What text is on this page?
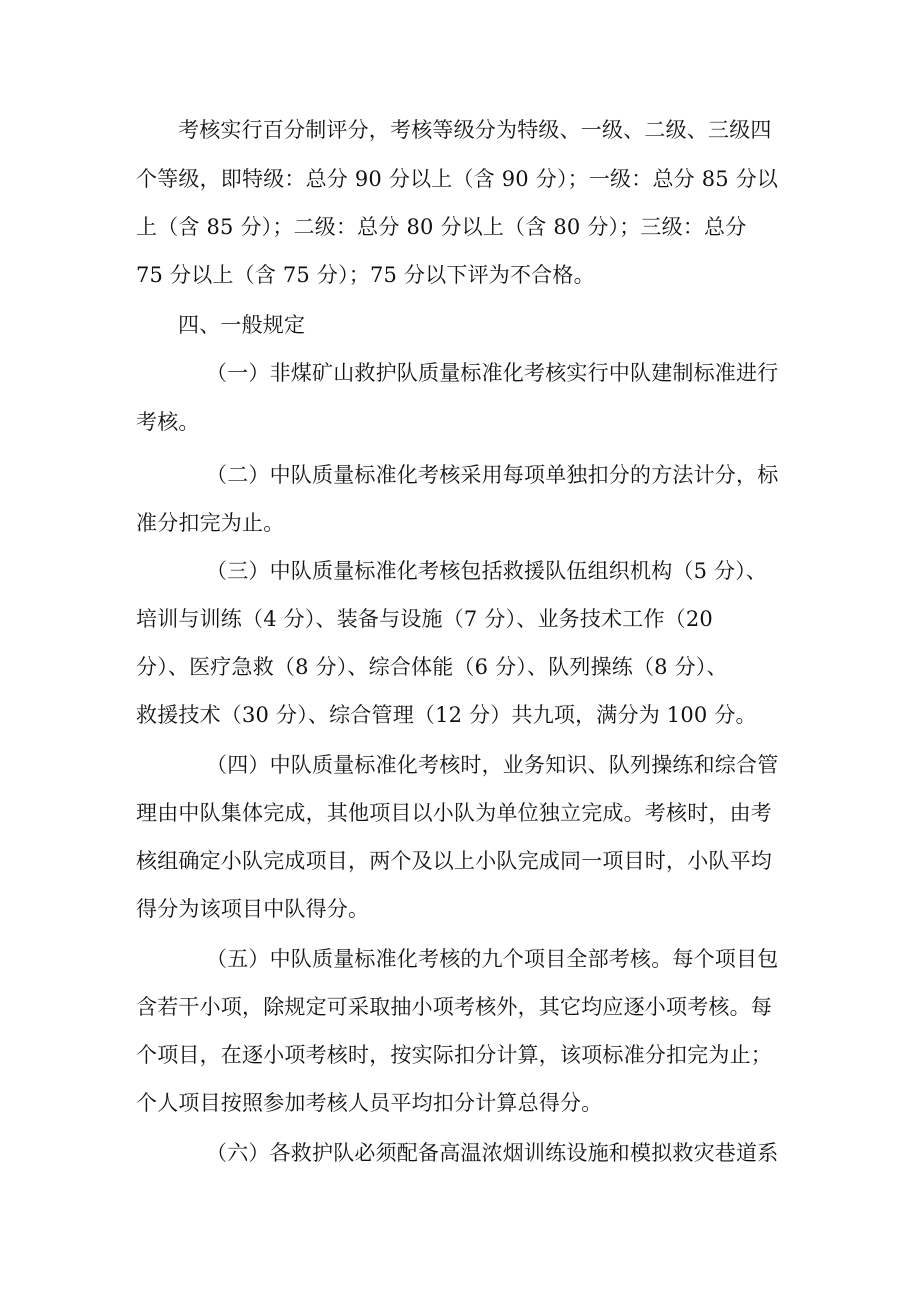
考核实行百分制评分，考核等级分为特级、一级、二级、三级四
个等级，即特级：总分 90 分以上（含 90 分）；一级：总分 85 分以
上（含 85 分）；二级：总分 80 分以上（含 80 分）；三级：总分
75 分以上（含 75 分）；75 分以下评为不合格。
四、一般规定
（一）非煤矿山救护队质量标准化考核实行中队建制标准进行
考核。
（二）中队质量标准化考核采用每项单独扣分的方法计分，标
准分扣完为止。
（三）中队质量标准化考核包括救援队伍组织机构（5 分）、
培训与训练（4 分）、装备与设施（7 分）、业务技术工作（20
分）、医疗急救（8 分）、综合体能（6 分）、队列操练（8 分）、
救援技术（30 分）、综合管理（12 分）共九项，满分为 100 分。
（四）中队质量标准化考核时，业务知识、队列操练和综合管
理由中队集体完成，其他项目以小队为单位独立完成。考核时，由考
核组确定小队完成项目，两个及以上小队完成同一项目时，小队平均
得分为该项目中队得分。
（五）中队质量标准化考核的九个项目全部考核。每个项目包
含若干小项，除规定可采取抽小项考核外，其它均应逐小项考核。每
个项目，在逐小项考核时，按实际扣分计算，该项标准分扣完为止；
个人项目按照参加考核人员平均扣分计算总得分。
（六）各救护队必须配备高温浓烟训练设施和模拟救灾巷道系
